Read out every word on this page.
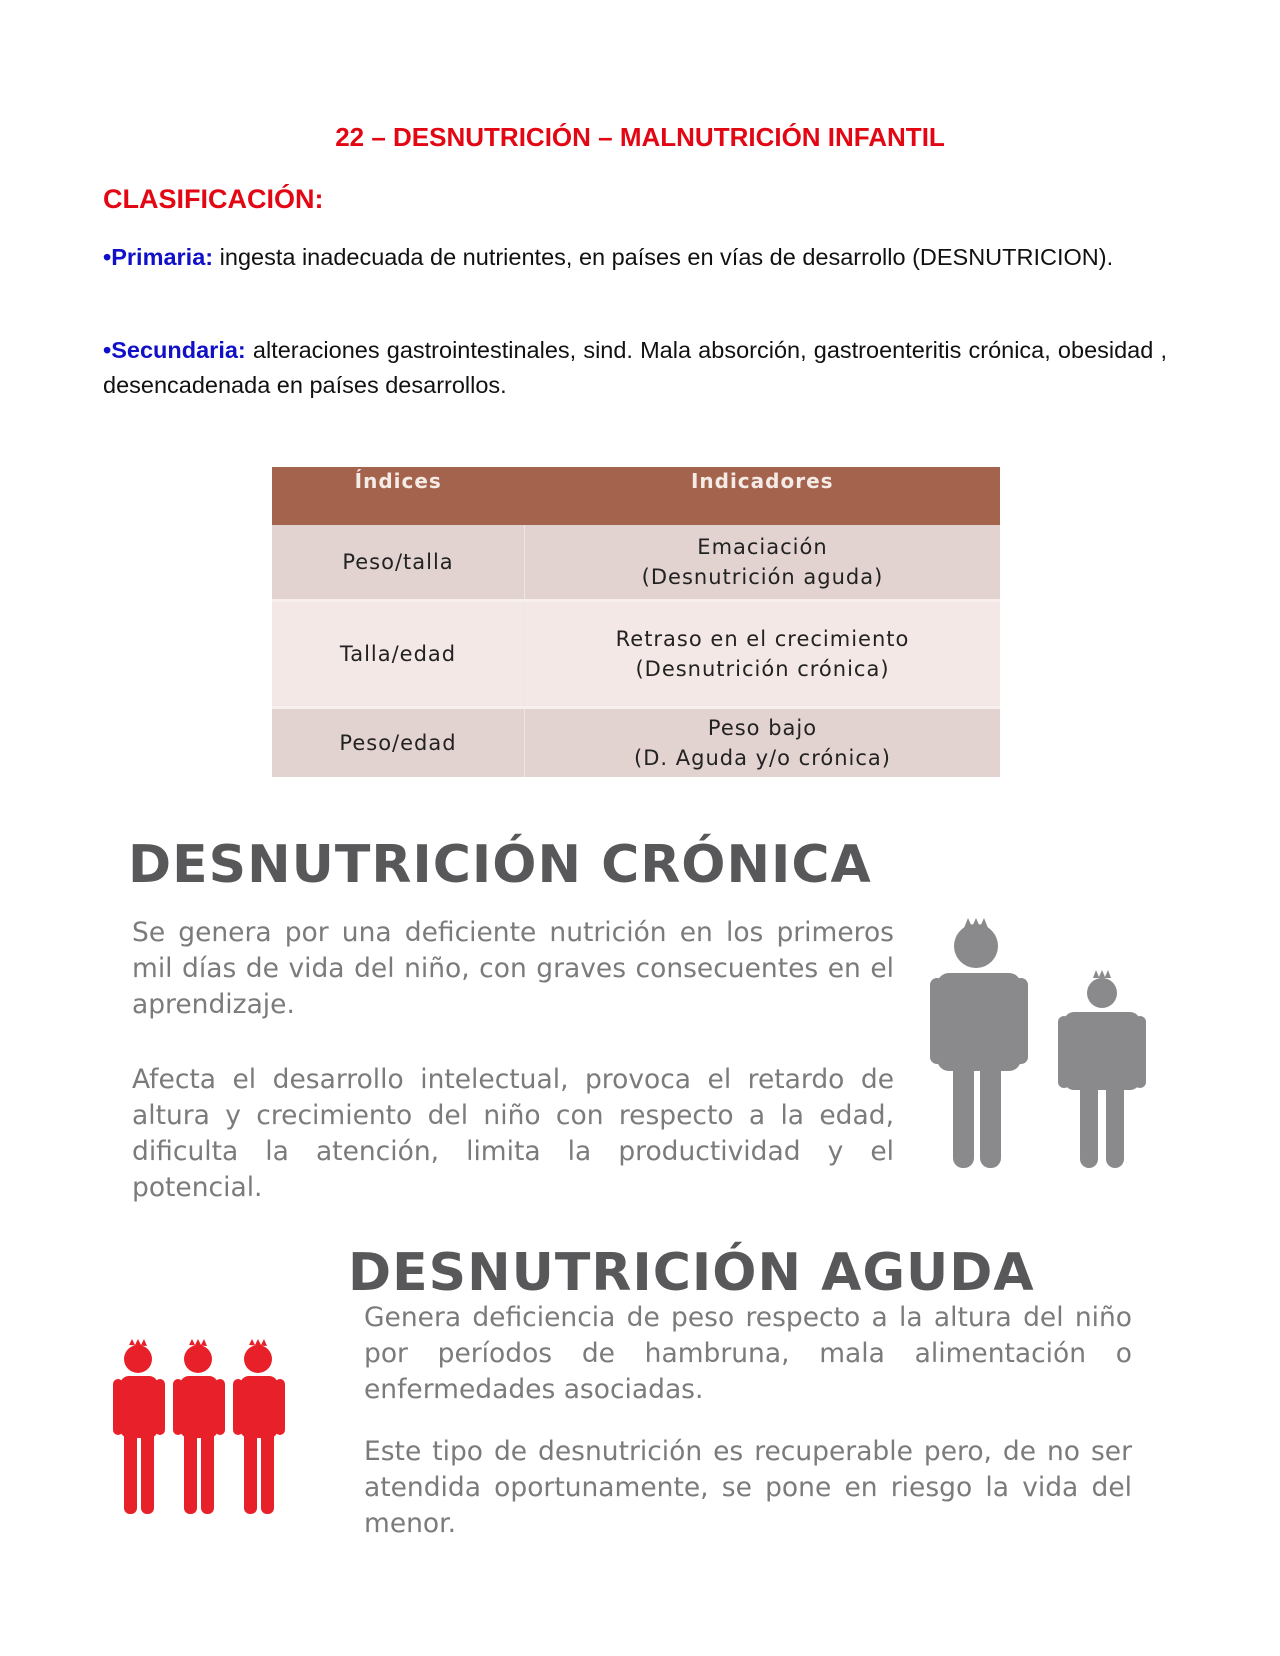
22 – DESNUTRICIÓN – MALNUTRICIÓN INFANTIL
CLASIFICACIÓN:
•Primaria: ingesta inadecuada de nutrientes, en países en vías de desarrollo (DESNUTRICION).
•Secundaria: alteraciones gastrointestinales, sind. Mala absorción, gastroenteritis crónica, obesidad , desencadenada en países desarrollos.
Índices	Indicadores
Peso/talla	Emaciación
(Desnutrición aguda)

Talla/edad	Retraso en el crecimiento
(Desnutrición crónica)

Peso/edad	Peso bajo
(D. Aguda y/o crónica)
DESNUTRICIÓN CRÓNICA
Se genera por una deficiente nutrición en los primeros mil días de vida del niño, con graves consecuentes en el aprendizaje.
Afecta el desarrollo intelectual, provoca el retardo de altura y crecimiento del niño con respecto a la edad, dificulta la atención, limita la productividad y el potencial.
DESNUTRICIÓN AGUDA
Genera deficiencia de peso respecto a la altura del niño por períodos de hambruna, mala alimentación o enfermedades asociadas.
Este tipo de desnutrición es recuperable pero, de no ser atendida oportunamente, se pone en riesgo la vida del menor.
